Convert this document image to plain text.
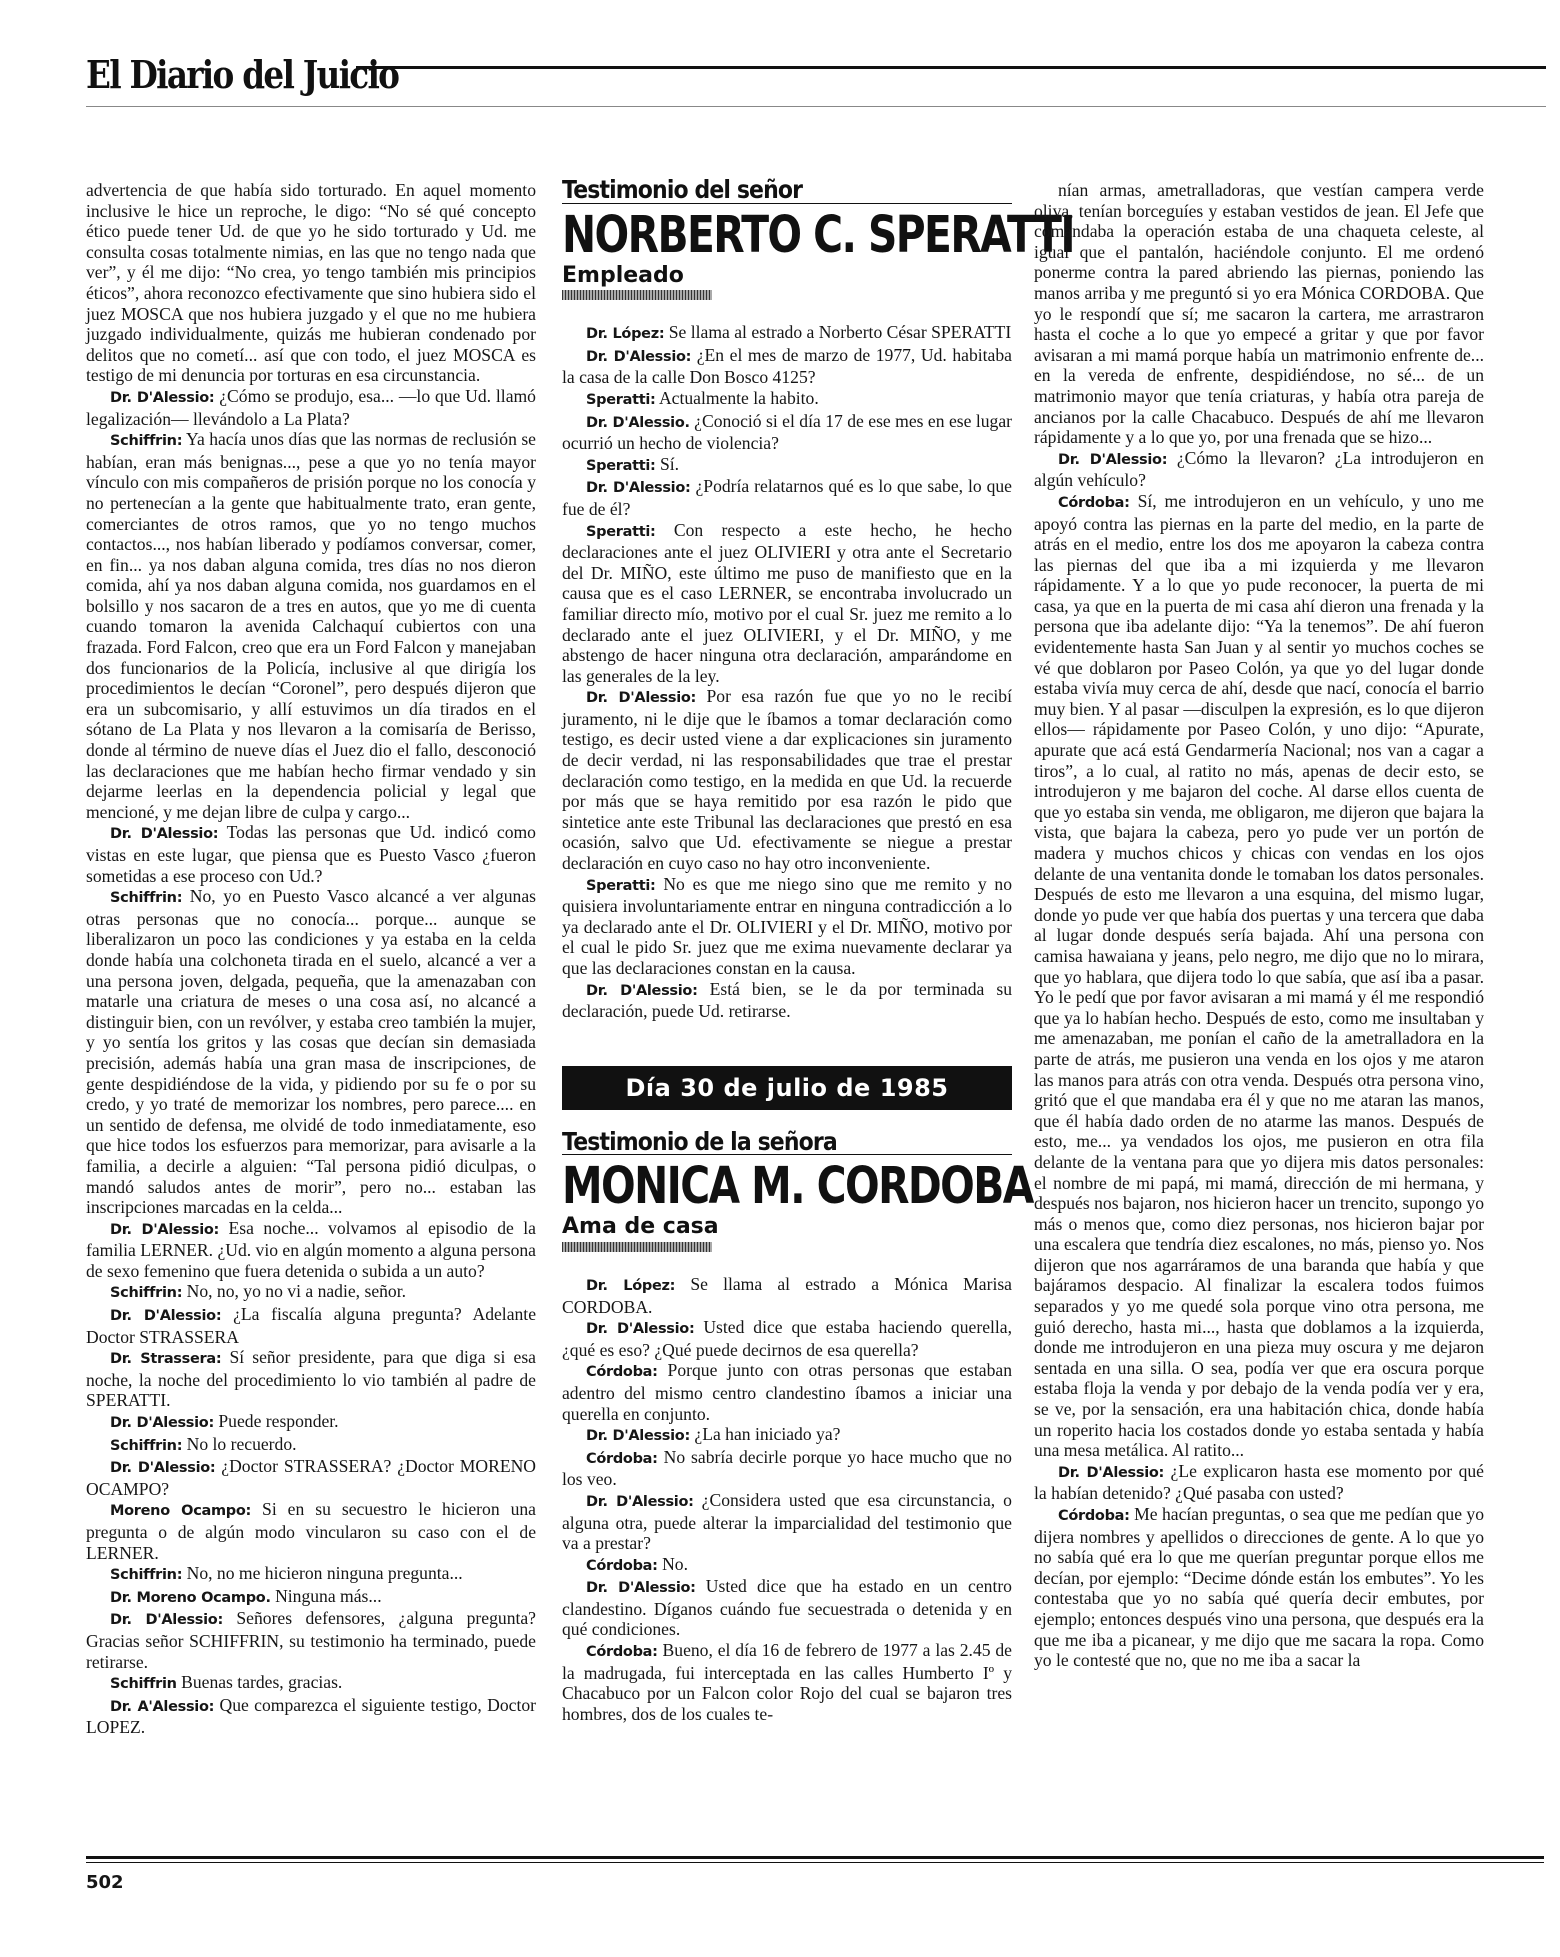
El Diario del Juicio

advertencia de que había sido torturado. En aquel momento inclusive le hice un reproche, le digo: “No sé qué concepto ético puede tener Ud. de que yo he sido torturado y Ud. me consulta cosas totalmente nimias, en las que no tengo nada que ver”, y él me dijo: “No crea, yo tengo también mis principios éticos”, ahora reconozco efectivamente que sino hubiera sido el juez MOSCA que nos hubiera juzgado y el que no me hubiera juzgado individualmente, quizás me hubieran condenado por delitos que no cometí... así que con todo, el juez MOSCA es testigo de mi denuncia por torturas en esa circunstancia.

Dr. D'Alessio: ¿Cómo se produjo, esa... —lo que Ud. llamó legalización— llevándolo a La Plata?

Schiffrin: Ya hacía unos días que las normas de reclusión se habían, eran más benignas..., pese a que yo no tenía mayor vínculo con mis compañeros de prisión porque no los conocía y no pertenecían a la gente que habitualmente trato, eran gente, comerciantes de otros ramos, que yo no tengo muchos contactos..., nos habían liberado y podíamos conversar, comer, en fin... ya nos daban alguna comida, tres días no nos dieron comida, ahí ya nos daban alguna comida, nos guardamos en el bolsillo y nos sacaron de a tres en autos, que yo me di cuenta cuando tomaron la avenida Calchaquí cubiertos con una frazada. Ford Falcon, creo que era un Ford Falcon y manejaban dos funcionarios de la Policía, inclusive al que dirigía los procedimientos le decían “Coronel”, pero después dijeron que era un subcomisario, y allí estuvimos un día tirados en el sótano de La Plata y nos llevaron a la comisaría de Berisso, donde al término de nueve días el Juez dio el fallo, desconoció las declaraciones que me habían hecho firmar vendado y sin dejarme leerlas en la dependencia policial y legal que mencioné, y me dejan libre de culpa y cargo...

Dr. D'Alessio: Todas las personas que Ud. indicó como vistas en este lugar, que piensa que es Puesto Vasco ¿fueron sometidas a ese proceso con Ud.?

Schiffrin: No, yo en Puesto Vasco alcancé a ver algunas otras personas que no conocía... porque... aunque se liberalizaron un poco las condiciones y ya estaba en la celda donde había una colchoneta tirada en el suelo, alcancé a ver a una persona joven, delgada, pequeña, que la amenazaban con matarle una criatura de meses o una cosa así, no alcancé a distinguir bien, con un revólver, y estaba creo también la mujer, y yo sentía los gritos y las cosas que decían sin demasiada precisión, además había una gran masa de inscripciones, de gente despidiéndose de la vida, y pidiendo por su fe o por su credo, y yo traté de memorizar los nombres, pero parece.... en un sentido de defensa, me olvidé de todo inmediatamente, eso que hice todos los esfuerzos para memorizar, para avisarle a la familia, a decirle a alguien: “Tal persona pidió diculpas, o mandó saludos antes de morir”, pero no... estaban las inscripciones marcadas en la celda...

Dr. D'Alessio: Esa noche... volvamos al episodio de la familia LERNER. ¿Ud. vio en algún momento a alguna persona de sexo femenino que fuera detenida o subida a un auto?

Schiffrin: No, no, yo no vi a nadie, señor.

Dr. D'Alessio: ¿La fiscalía alguna pregunta? Adelante Doctor STRASSERA

Dr. Strassera: Sí señor presidente, para que diga si esa noche, la noche del procedimiento lo vio también al padre de SPERATTI.

Dr. D'Alessio: Puede responder.

Schiffrin: No lo recuerdo.

Dr. D'Alessio: ¿Doctor STRASSERA? ¿Doctor MORENO OCAMPO?

Moreno Ocampo: Si en su secuestro le hicieron una pregunta o de algún modo vincularon su caso con el de LERNER.

Schiffrin: No, no me hicieron ninguna pregunta...

Dr. Moreno Ocampo. Ninguna más...

Dr. D'Alessio: Señores defensores, ¿alguna pregunta? Gracias señor SCHIFFRIN, su testimonio ha terminado, puede retirarse.

Schiffrin Buenas tardes, gracias.

Dr. A'Alessio: Que comparezca el siguiente testigo, Doctor LOPEZ.

Testimonio del señor
NORBERTO C. SPERATTI
Empleado

Dr. López: Se llama al estrado a Norberto César SPERATTI

Dr. D'Alessio: ¿En el mes de marzo de 1977, Ud. habitaba la casa de la calle Don Bosco 4125?

Speratti: Actualmente la habito.

Dr. D'Alessio. ¿Conoció si el día 17 de ese mes en ese lugar ocurrió un hecho de violencia?

Speratti: Sí.

Dr. D'Alessio: ¿Podría relatarnos qué es lo que sabe, lo que fue de él?

Speratti: Con respecto a este hecho, he hecho declaraciones ante el juez OLIVIERI y otra ante el Secretario del Dr. MIÑO, este último me puso de manifiesto que en la causa que es el caso LERNER, se encontraba involucrado un familiar directo mío, motivo por el cual Sr. juez me remito a lo declarado ante el juez OLIVIERI, y el Dr. MIÑO, y me abstengo de hacer ninguna otra declaración, amparándome en las generales de la ley.

Dr. D'Alessio: Por esa razón fue que yo no le recibí juramento, ni le dije que le íbamos a tomar declaración como testigo, es decir usted viene a dar explicaciones sin juramento de decir verdad, ni las responsabilidades que trae el prestar declaración como testigo, en la medida en que Ud. la recuerde por más que se haya remitido por esa razón le pido que sintetice ante este Tribunal las declaraciones que prestó en esa ocasión, salvo que Ud. efectivamente se niegue a prestar declaración en cuyo caso no hay otro inconveniente.

Speratti: No es que me niego sino que me remito y no quisiera involuntariamente entrar en ninguna contradicción a lo ya declarado ante el Dr. OLIVIERI y el Dr. MIÑO, motivo por el cual le pido Sr. juez que me exima nuevamente declarar ya que las declaraciones constan en la causa.

Dr. D'Alessio: Está bien, se le da por terminada su declaración, puede Ud. retirarse.

Día 30 de julio de 1985
Testimonio de la señora
MONICA M. CORDOBA
Ama de casa

Dr. López: Se llama al estrado a Mónica Marisa CORDOBA.

Dr. D'Alessio: Usted dice que estaba haciendo querella, ¿qué es eso? ¿Qué puede decirnos de esa querella?

Córdoba: Porque junto con otras personas que estaban adentro del mismo centro clandestino íbamos a iniciar una querella en conjunto.

Dr. D'Alessio: ¿La han iniciado ya?

Córdoba: No sabría decirle porque yo hace mucho que no los veo.

Dr. D'Alessio: ¿Considera usted que esa circunstancia, o alguna otra, puede alterar la imparcialidad del testimonio que va a prestar?

Córdoba: No.

Dr. D'Alessio: Usted dice que ha estado en un centro clandestino. Díganos cuándo fue secuestrada o detenida y en qué condiciones.

Córdoba: Bueno, el día 16 de febrero de 1977 a las 2.45 de la madrugada, fui interceptada en las calles Humberto Iº y Chacabuco por un Falcon color Rojo del cual se bajaron tres hombres, dos de los cuales te-

nían armas, ametralladoras, que vestían campera verde oliva, tenían borceguíes y estaban vestidos de jean. El Jefe que comandaba la operación estaba de una chaqueta celeste, al igual que el pantalón, haciéndole conjunto. El me ordenó ponerme contra la pared abriendo las piernas, poniendo las manos arriba y me preguntó si yo era Mónica CORDOBA. Que yo le respondí que sí; me sacaron la cartera, me arrastraron hasta el coche a lo que yo empecé a gritar y que por favor avisaran a mi mamá porque había un matrimonio enfrente de... en la vereda de enfrente, despidiéndose, no sé... de un matrimonio mayor que tenía criaturas, y había otra pareja de ancianos por la calle Chacabuco. Después de ahí me llevaron rápidamente y a lo que yo, por una frenada que se hizo...

Dr. D'Alessio: ¿Cómo la llevaron? ¿La introdujeron en algún vehículo?

Córdoba: Sí, me introdujeron en un vehículo, y uno me apoyó contra las piernas en la parte del medio, en la parte de atrás en el medio, entre los dos me apoyaron la cabeza contra las piernas del que iba a mi izquierda y me llevaron rápidamente. Y a lo que yo pude reconocer, la puerta de mi casa, ya que en la puerta de mi casa ahí dieron una frenada y la persona que iba adelante dijo: “Ya la tenemos”. De ahí fueron evidentemente hasta San Juan y al sentir yo muchos coches se vé que doblaron por Paseo Colón, ya que yo del lugar donde estaba vivía muy cerca de ahí, desde que nací, conocía el barrio muy bien. Y al pasar —disculpen la expresión, es lo que dijeron ellos— rápidamente por Paseo Colón, y uno dijo: “Apurate, apurate que acá está Gendarmería Nacional; nos van a cagar a tiros”, a lo cual, al ratito no más, apenas de decir esto, se introdujeron y me bajaron del coche. Al darse ellos cuenta de que yo estaba sin venda, me obligaron, me dijeron que bajara la vista, que bajara la cabeza, pero yo pude ver un portón de madera y muchos chicos y chicas con vendas en los ojos delante de una ventanita donde le tomaban los datos personales. Después de esto me llevaron a una esquina, del mismo lugar, donde yo pude ver que había dos puertas y una tercera que daba al lugar donde después sería bajada. Ahí una persona con camisa hawaiana y jeans, pelo negro, me dijo que no lo mirara, que yo hablara, que dijera todo lo que sabía, que así iba a pasar. Yo le pedí que por favor avisaran a mi mamá y él me respondió que ya lo habían hecho. Después de esto, como me insultaban y me amenazaban, me ponían el caño de la ametralladora en la parte de atrás, me pusieron una venda en los ojos y me ataron las manos para atrás con otra venda. Después otra persona vino, gritó que el que mandaba era él y que no me ataran las manos, que él había dado orden de no atarme las manos. Después de esto, me... ya vendados los ojos, me pusieron en otra fila delante de la ventana para que yo dijera mis datos personales: el nombre de mi papá, mi mamá, dirección de mi hermana, y después nos bajaron, nos hicieron hacer un trencito, supongo yo más o menos que, como diez personas, nos hicieron bajar por una escalera que tendría diez escalones, no más, pienso yo. Nos dijeron que nos agarráramos de una baranda que había y que bajáramos despacio. Al finalizar la escalera todos fuimos separados y yo me quedé sola porque vino otra persona, me guió derecho, hasta mi..., hasta que doblamos a la izquierda, donde me introdujeron en una pieza muy oscura y me dejaron sentada en una silla. O sea, podía ver que era oscura porque estaba floja la venda y por debajo de la venda podía ver y era, se ve, por la sensación, era una habitación chica, donde había un roperito hacia los costados donde yo estaba sentada y había una mesa metálica. Al ratito...

Dr. D'Alessio: ¿Le explicaron hasta ese momento por qué la habían detenido? ¿Qué pasaba con usted?

Córdoba: Me hacían preguntas, o sea que me pedían que yo dijera nombres y apellidos o direcciones de gente. A lo que yo no sabía qué era lo que me querían preguntar porque ellos me decían, por ejemplo: “Decime dónde están los embutes”. Yo les contestaba que yo no sabía qué quería decir embutes, por ejemplo; entonces después vino una persona, que después era la que me iba a picanear, y me dijo que me sacara la ropa. Como yo le contesté que no, que no me iba a sacar la

502
